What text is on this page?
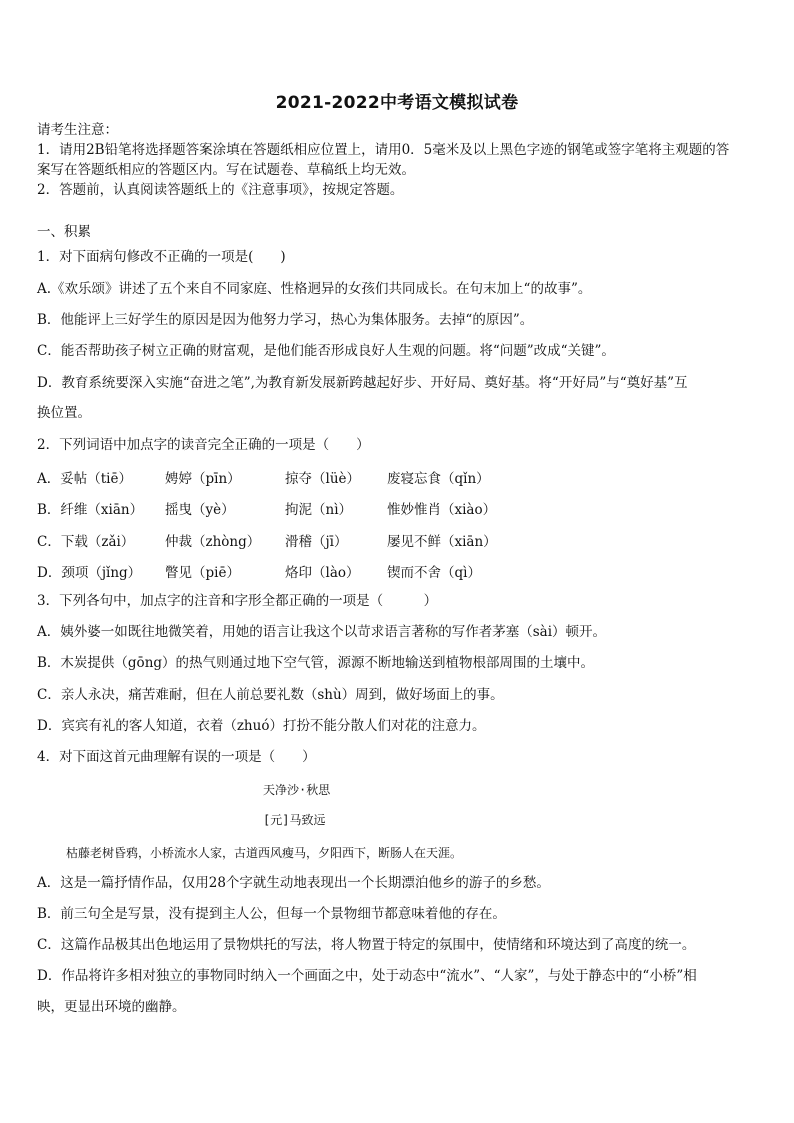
2021-2022中考语文模拟试卷
请考生注意：
1．请用2B铅笔将选择题答案涂填在答题纸相应位置上，请用0．5毫米及以上黑色字迹的钢笔或签字笔将主观题的答
案写在答题纸相应的答题区内。写在试题卷、草稿纸上均无效。
2．答题前，认真阅读答题纸上的《注意事项》，按规定答题。
一、积累
1．对下面病句修改不正确的一项是(　　)
A.《欢乐颂》讲述了五个来自不同家庭、性格迥异的女孩们共同成长。在句末加上“的故事”。
B．他能评上三好学生的原因是因为他努力学习，热心为集体服务。去掉“的原因”。
C．能否帮助孩子树立正确的财富观，是他们能否形成良好人生观的问题。将“问题”改成“关键”。
D．教育系统要深入实施“奋进之笔”,为教育新发展新跨越起好步、开好局、奠好基。将“开好局”与“奠好基”互
换位置。
2．下列词语中加点字的读音完全正确的一项是（　　）
A．妥帖（tiē） 娉婷（pīn）	掠夺（lüè） 废寝忘食（qǐn）
B．纤维（xiān） 摇曳（yè）	拘泥（nì）	惟妙惟肖（xiào）
C．下载（zǎi） 仲裁（zhòng） 滑稽（jī）	屡见不鲜（xiān）
D．颈项（jǐng） 瞥见（piē）	烙印（lào） 锲而不舍（qì）
3．下列各句中，加点字的注音和字形全都正确的一项是（　　　）
A．姨外婆一如既往地微笑着，用她的语言让我这个以苛求语言著称的写作者茅塞（sài）顿开。
B．木炭提供（gōng）的热气则通过地下空气管，源源不断地输送到植物根部周围的土壤中。
C．亲人永决，痛苦难耐，但在人前总要礼数（shù）周到，做好场面上的事。
D．宾宾有礼的客人知道，衣着（zhuó）打扮不能分散人们对花的注意力。
4．对下面这首元曲理解有误的一项是（　　）
天净沙·秋思
[元]马致远
枯藤老树昏鸦，小桥流水人家，古道西风瘦马，夕阳西下，断肠人在天涯。
A．这是一篇抒情作品，仅用28个字就生动地表现出一个长期漂泊他乡的游子的乡愁。
B．前三句全是写景，没有提到主人公，但每一个景物细节都意味着他的存在。
C．这篇作品极其出色地运用了景物烘托的写法，将人物置于特定的氛围中，使情绪和环境达到了高度的统一。
D．作品将许多相对独立的事物同时纳入一个画面之中，处于动态中“流水”、“人家”，与处于静态中的“小桥”相
映，更显出环境的幽静。
